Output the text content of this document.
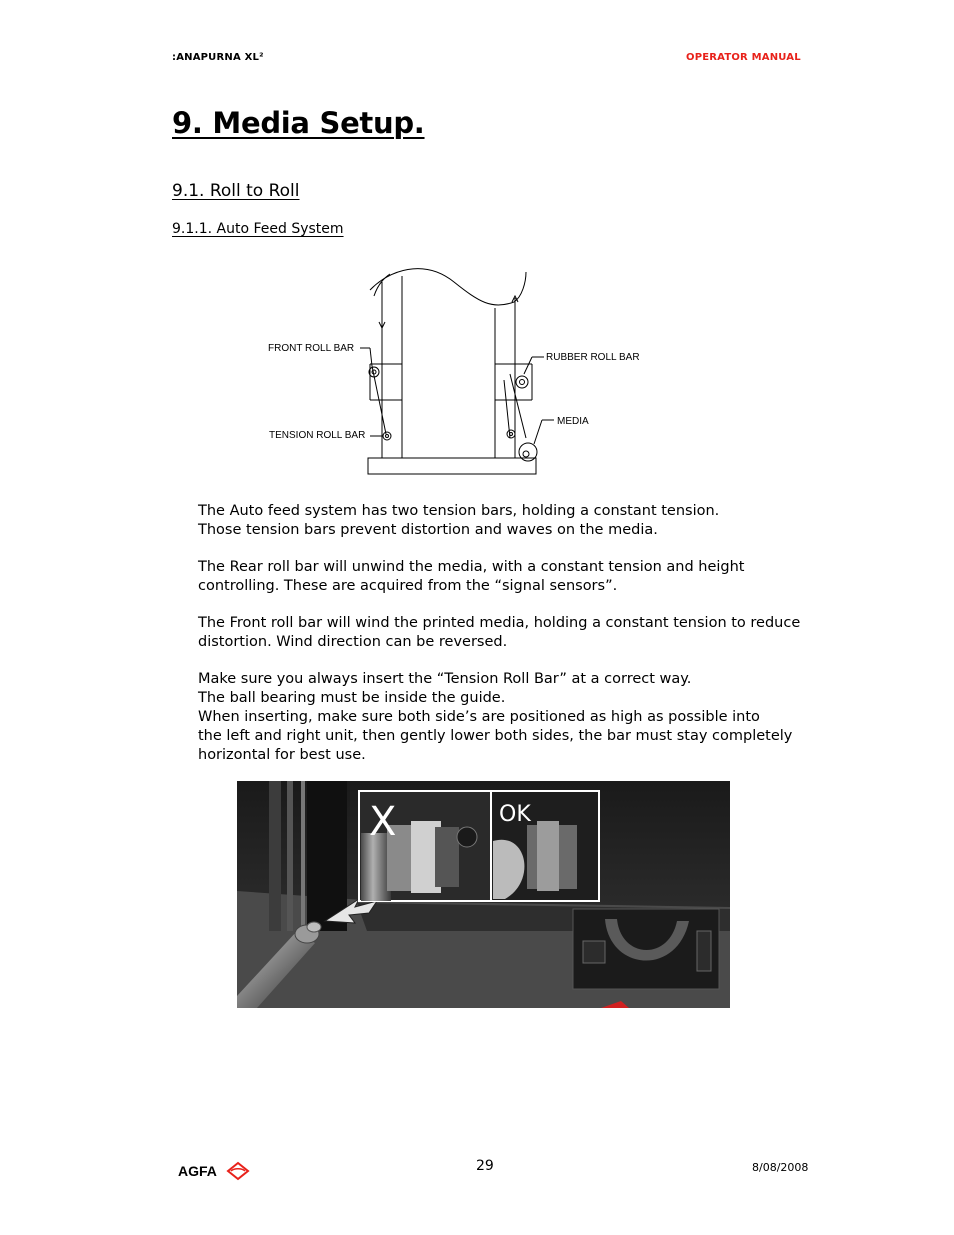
:ANAPURNA XL²	OPERATOR MANUAL
9. Media Setup.
9.1. Roll to Roll
9.1.1. Auto Feed System
FRONT ROLL BAR
RUBBER ROLL BAR
TENSION ROLL BAR
MEDIA

The Auto feed system has two tension bars, holding a constant tension.
Those tension bars prevent distortion and waves on the media.

The Rear roll bar will unwind the media, with a constant tension and height
controlling. These are acquired from the “signal sensors”.

The Front roll bar will wind the printed media, holding a constant tension to reduce
distortion. Wind direction can be reversed.

Make sure you always insert the “Tension Roll Bar” at a correct way.
The ball bearing must be inside the guide.
When inserting, make sure both side’s are positioned as high as possible into
the left and right unit, then gently lower both sides, the bar must stay completely
horizontal for best use.

X	OK
AGFA	29	8/08/2008
